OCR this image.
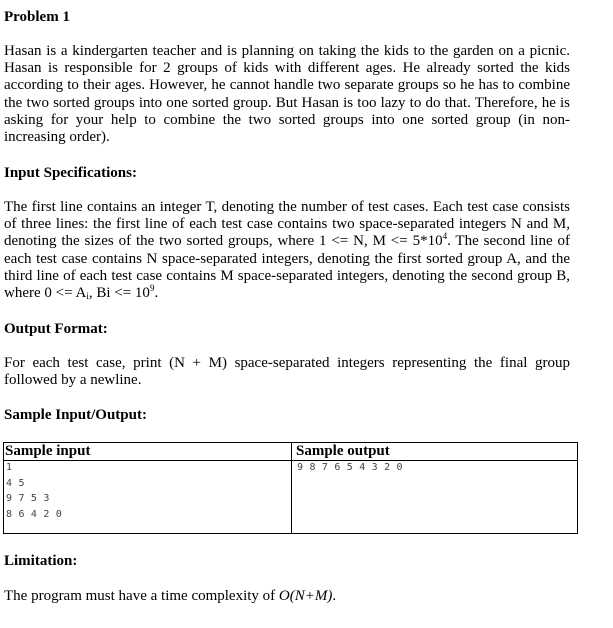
Problem 1
Hasan is a kindergarten teacher and is planning on taking the kids to the garden on a picnic.
Hasan is responsible for 2 groups of kids with different ages. He already sorted the kids
according to their ages. However, he cannot handle two separate groups so he has to combine
the two sorted groups into one sorted group. But Hasan is too lazy to do that. Therefore, he is
asking for your help to combine the two sorted groups into one sorted group (in non-
increasing order).
Input Specifications:
The first line contains an integer T, denoting the number of test cases. Each test case consists
of three lines: the first line of each test case contains two space-separated integers N and M,
denoting the sizes of the two sorted groups, where 1 <= N, $M <= 5*10^4$. The second line of
each test case contains N space-separated integers, denoting the first sorted group A, and the
third line of each test case contains M space-separated integers, denoting the second group B,
where $0 <= A_i$, $Bi <= 10^9$.
Output Format:
For each test case, print (N + M) space-separated integers representing the final group
followed by a newline.
Sample Input/Output:
Sample input	Sample output
1
4 5
9 7 5 3
8 6 4 2 0
9 8 7 6 5 4 3 2 0
Limitation:
The program must have a time complexity of O(N+M).
